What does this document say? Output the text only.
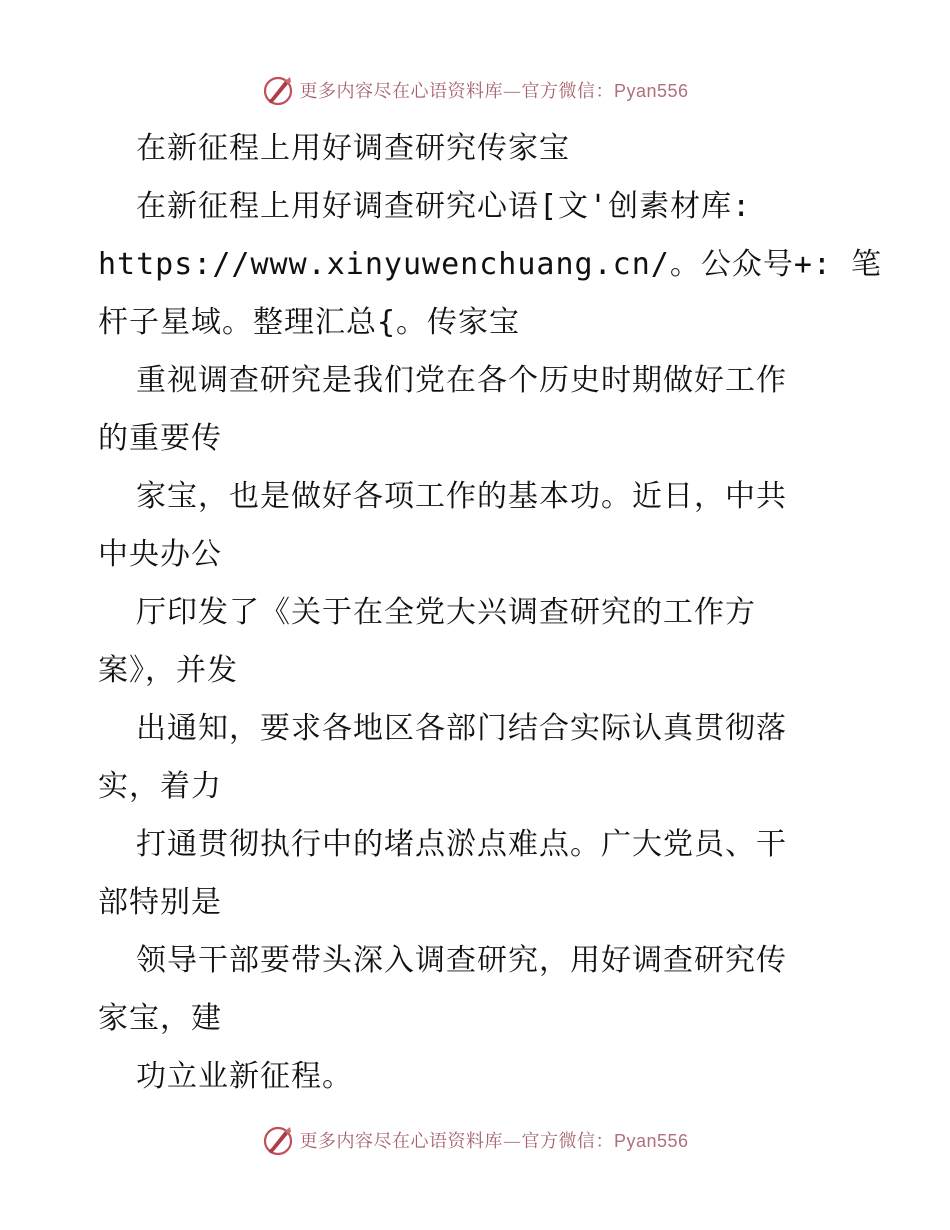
更多内容尽在心语资料库—官方微信：Pyan556
在新征程上用好调查研究传家宝
在新征程上用好调查研究心语[文'创素材库:
https://www.xinyuwenchuang.cn/。公众号+: 笔
杆子星域。整理汇总{。传家宝
重视调查研究是我们党在各个历史时期做好工作
的重要传
家宝，也是做好各项工作的基本功。近日，中共
中央办公
厅印发了《关于在全党大兴调查研究的工作方
案》，并发
出通知，要求各地区各部门结合实际认真贯彻落
实，着力
打通贯彻执行中的堵点淤点难点。广大党员、干
部特别是
领导干部要带头深入调查研究，用好调查研究传
家宝，建
功立业新征程。
更多内容尽在心语资料库—官方微信：Pyan556
